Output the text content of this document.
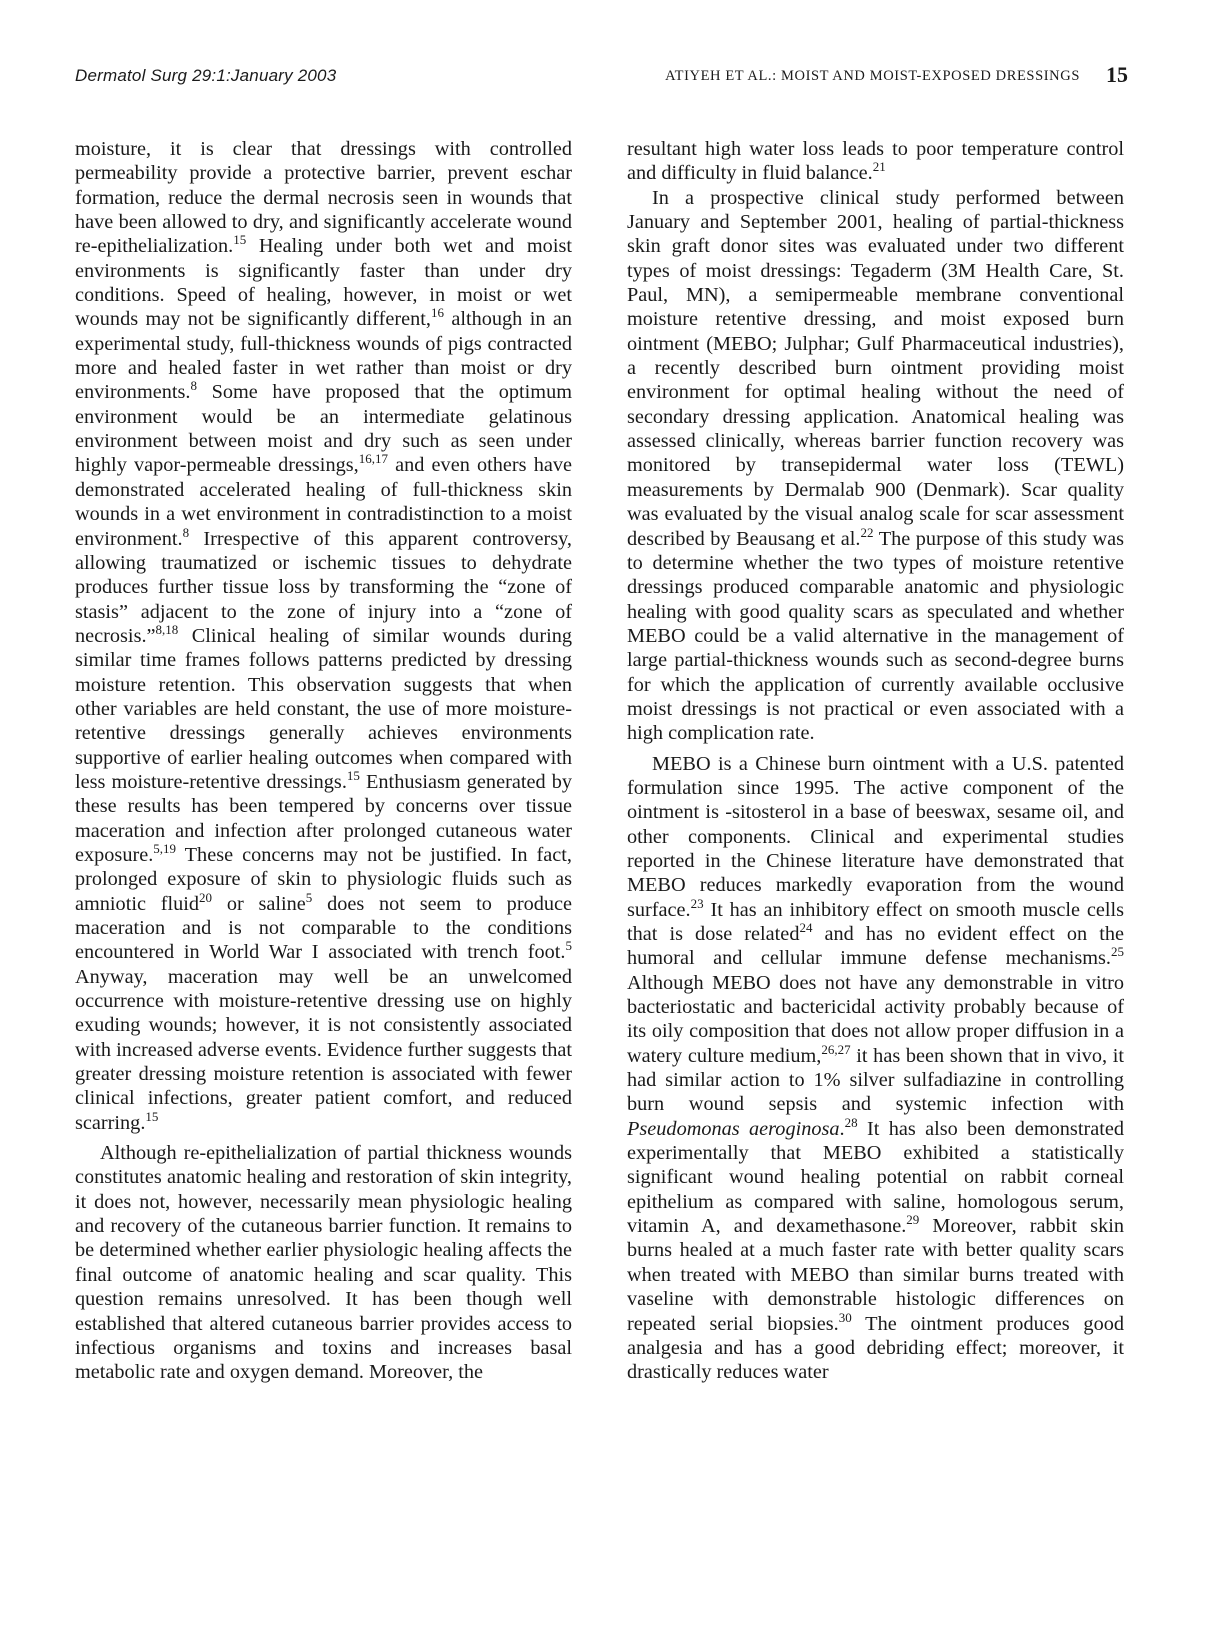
Dermatol Surg 29:1:January 2003	ATIYEH ET AL.: MOIST AND MOIST-EXPOSED DRESSINGS 15

moisture, it is clear that dressings with controlled permeability provide a protective barrier, prevent eschar formation, reduce the dermal necrosis seen in wounds that have been allowed to dry, and significantly accelerate wound re-epithelialization.$^{15}$ Healing under both wet and moist environments is significantly faster than under dry conditions. Speed of healing, however, in moist or wet wounds may not be significantly different,$^{16}$ although in an experimental study, full-thickness wounds of pigs contracted more and healed faster in wet rather than moist or dry environments.$^8$ Some have proposed that the optimum environment would be an intermediate gelatinous environment between moist and dry such as seen under highly vapor-permeable dressings,$^{16,17}$ and even others have demonstrated accelerated healing of full-thickness skin wounds in a wet environment in contradistinction to a moist environment.$^8$ Irrespective of this apparent controversy, allowing traumatized or ischemic tissues to dehydrate produces further tissue loss by transforming the “zone of stasis” adjacent to the zone of injury into a “zone of necrosis.”$^{8,18}$ Clinical healing of similar wounds during similar time frames follows patterns predicted by dressing moisture retention. This observation suggests that when other variables are held constant, the use of more moisture-retentive dressings generally achieves environments supportive of earlier healing outcomes when compared with less moisture-retentive dressings.$^{15}$ Enthusiasm generated by these results has been tempered by concerns over tissue maceration and infection after prolonged cutaneous water exposure.$^{5,19}$ These concerns may not be justified. In fact, prolonged exposure of skin to physiologic fluids such as amniotic fluid$^{20}$ or saline$^5$ does not seem to produce maceration and is not comparable to the conditions encountered in World War I associated with trench foot.$^5$ Anyway, maceration may well be an unwelcomed occurrence with moisture-retentive dressing use on highly exuding wounds; however, it is not consistently associated with increased adverse events. Evidence further suggests that greater dressing moisture retention is associated with fewer clinical infections, greater patient comfort, and reduced scarring.$^{15}$

Although re-epithelialization of partial thickness wounds constitutes anatomic healing and restoration of skin integrity, it does not, however, necessarily mean physiologic healing and recovery of the cutaneous barrier function. It remains to be determined whether earlier physiologic healing affects the final outcome of anatomic healing and scar quality. This question remains unresolved. It has been though well established that altered cutaneous barrier provides access to infectious organisms and toxins and increases basal metabolic rate and oxygen demand. Moreover, the

resultant high water loss leads to poor temperature control and difficulty in fluid balance.$^{21}$

In a prospective clinical study performed between January and September 2001, healing of partial-thickness skin graft donor sites was evaluated under two different types of moist dressings: Tegaderm (3M Health Care, St. Paul, MN), a semipermeable membrane conventional moisture retentive dressing, and moist exposed burn ointment (MEBO; Julphar; Gulf Pharmaceutical industries), a recently described burn ointment providing moist environment for optimal healing without the need of secondary dressing application. Anatomical healing was assessed clinically, whereas barrier function recovery was monitored by transepidermal water loss (TEWL) measurements by Dermalab 900 (Denmark). Scar quality was evaluated by the visual analog scale for scar assessment described by Beausang et al.$^{22}$ The purpose of this study was to determine whether the two types of moisture retentive dressings produced comparable anatomic and physiologic healing with good quality scars as speculated and whether MEBO could be a valid alternative in the management of large partial-thickness wounds such as second-degree burns for which the application of currently available occlusive moist dressings is not practical or even associated with a high complication rate.

MEBO is a Chinese burn ointment with a U.S. patented formulation since 1995. The active component of the ointment is -sitosterol in a base of beeswax, sesame oil, and other components. Clinical and experimental studies reported in the Chinese literature have demonstrated that MEBO reduces markedly evaporation from the wound surface.$^{23}$ It has an inhibitory effect on smooth muscle cells that is dose related$^{24}$ and has no evident effect on the humoral and cellular immune defense mechanisms.$^{25}$ Although MEBO does not have any demonstrable in vitro bacteriostatic and bactericidal activity probably because of its oily composition that does not allow proper diffusion in a watery culture medium,$^{26,27}$ it has been shown that in vivo, it had similar action to 1% silver sulfadiazine in controlling burn wound sepsis and systemic infection with Pseudomonas aeroginosa.$^{28}$ It has also been demonstrated experimentally that MEBO exhibited a statistically significant wound healing potential on rabbit corneal epithelium as compared with saline, homologous serum, vitamin A, and dexamethasone.$^{29}$ Moreover, rabbit skin burns healed at a much faster rate with better quality scars when treated with MEBO than similar burns treated with vaseline with demonstrable histologic differences on repeated serial biopsies.$^{30}$ The ointment produces good analgesia and has a good debriding effect; moreover, it drastically reduces water
